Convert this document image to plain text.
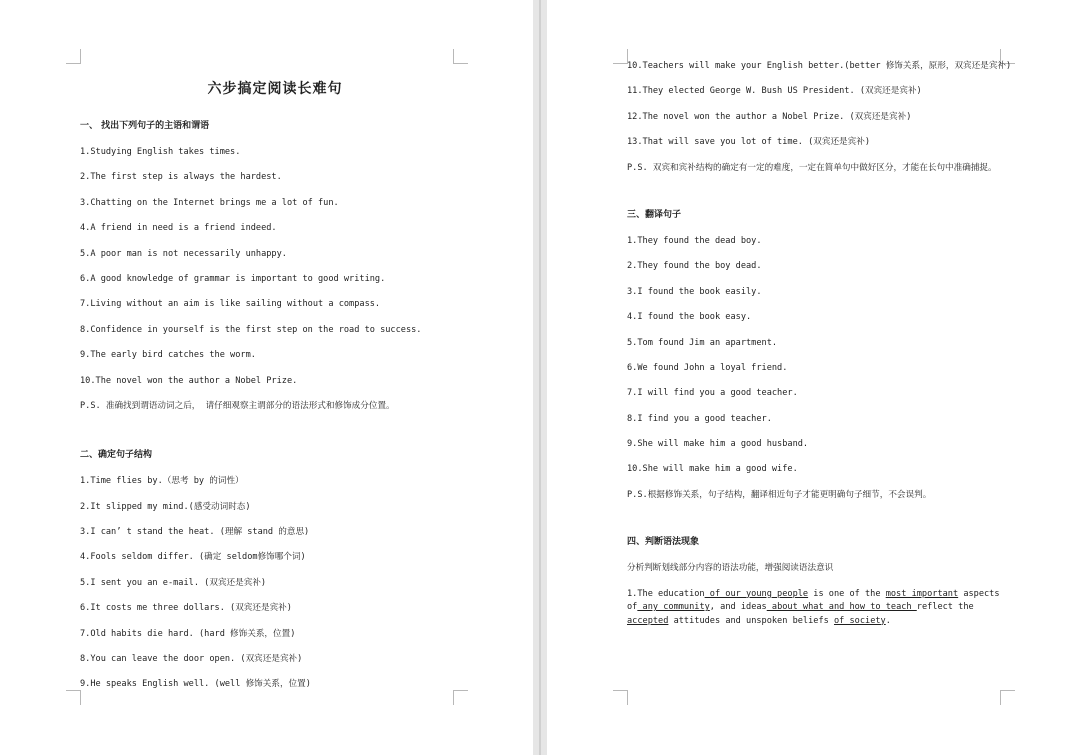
六步搞定阅读长难句
一、 找出下列句子的主语和谓语
1.Studying English takes times.
2.The first step is always the hardest.
3.Chatting on the Internet brings me a lot of fun.
4.A friend in need is a friend indeed.
5.A poor man is not necessarily unhappy.
6.A good knowledge of grammar is important to good writing.
7.Living without an aim is like sailing without a compass.
8.Confidence in yourself is the first step on the road to success.
9.The early bird catches the worm.
10.The novel won the author a Nobel Prize.
P.S. 准确找到谓语动词之后， 请仔细观察主谓部分的语法形式和修饰成分位置。
二、确定句子结构
1.Time flies by.（思考 by 的词性）
2.It slipped my mind.(感受动词时态)
3.I can’ t stand the heat. (理解 stand 的意思)
4.Fools seldom differ. (确定 seldom修饰哪个词)
5.I sent you an e-mail. (双宾还是宾补)
6.It costs me three dollars. (双宾还是宾补)
7.Old habits die hard. (hard 修饰关系，位置)
8.You can leave the door open. (双宾还是宾补)
9.He speaks English well. (well 修饰关系，位置)
10.Teachers will make your English better.(better 修饰关系，原形，双宾还是宾补)
11.They elected George W. Bush US President. (双宾还是宾补)
12.The novel won the author a Nobel Prize. (双宾还是宾补)
13.That will save you lot of time. (双宾还是宾补)
P.S. 双宾和宾补结构的确定有一定的难度，一定在简单句中做好区分，才能在长句中准确捕捉。
三、翻译句子
1.They found the dead boy.
2.They found the boy dead.
3.I found the book easily.
4.I found the book easy.
5.Tom found Jim an apartment.
6.We found John a loyal friend.
7.I will find you a good teacher.
8.I find you a good teacher.
9.She will make him a good husband.
10.She will make him a good wife.
P.S.根据修饰关系，句子结构，翻译相近句子才能更明确句子细节，不会误判。
四、判断语法现象
分析判断划线部分内容的语法功能，增强阅读语法意识
1.The education of our young people is one of the most important aspects of any community, and ideas about what and how to teach reflect the accepted attitudes and unspoken beliefs of society.
